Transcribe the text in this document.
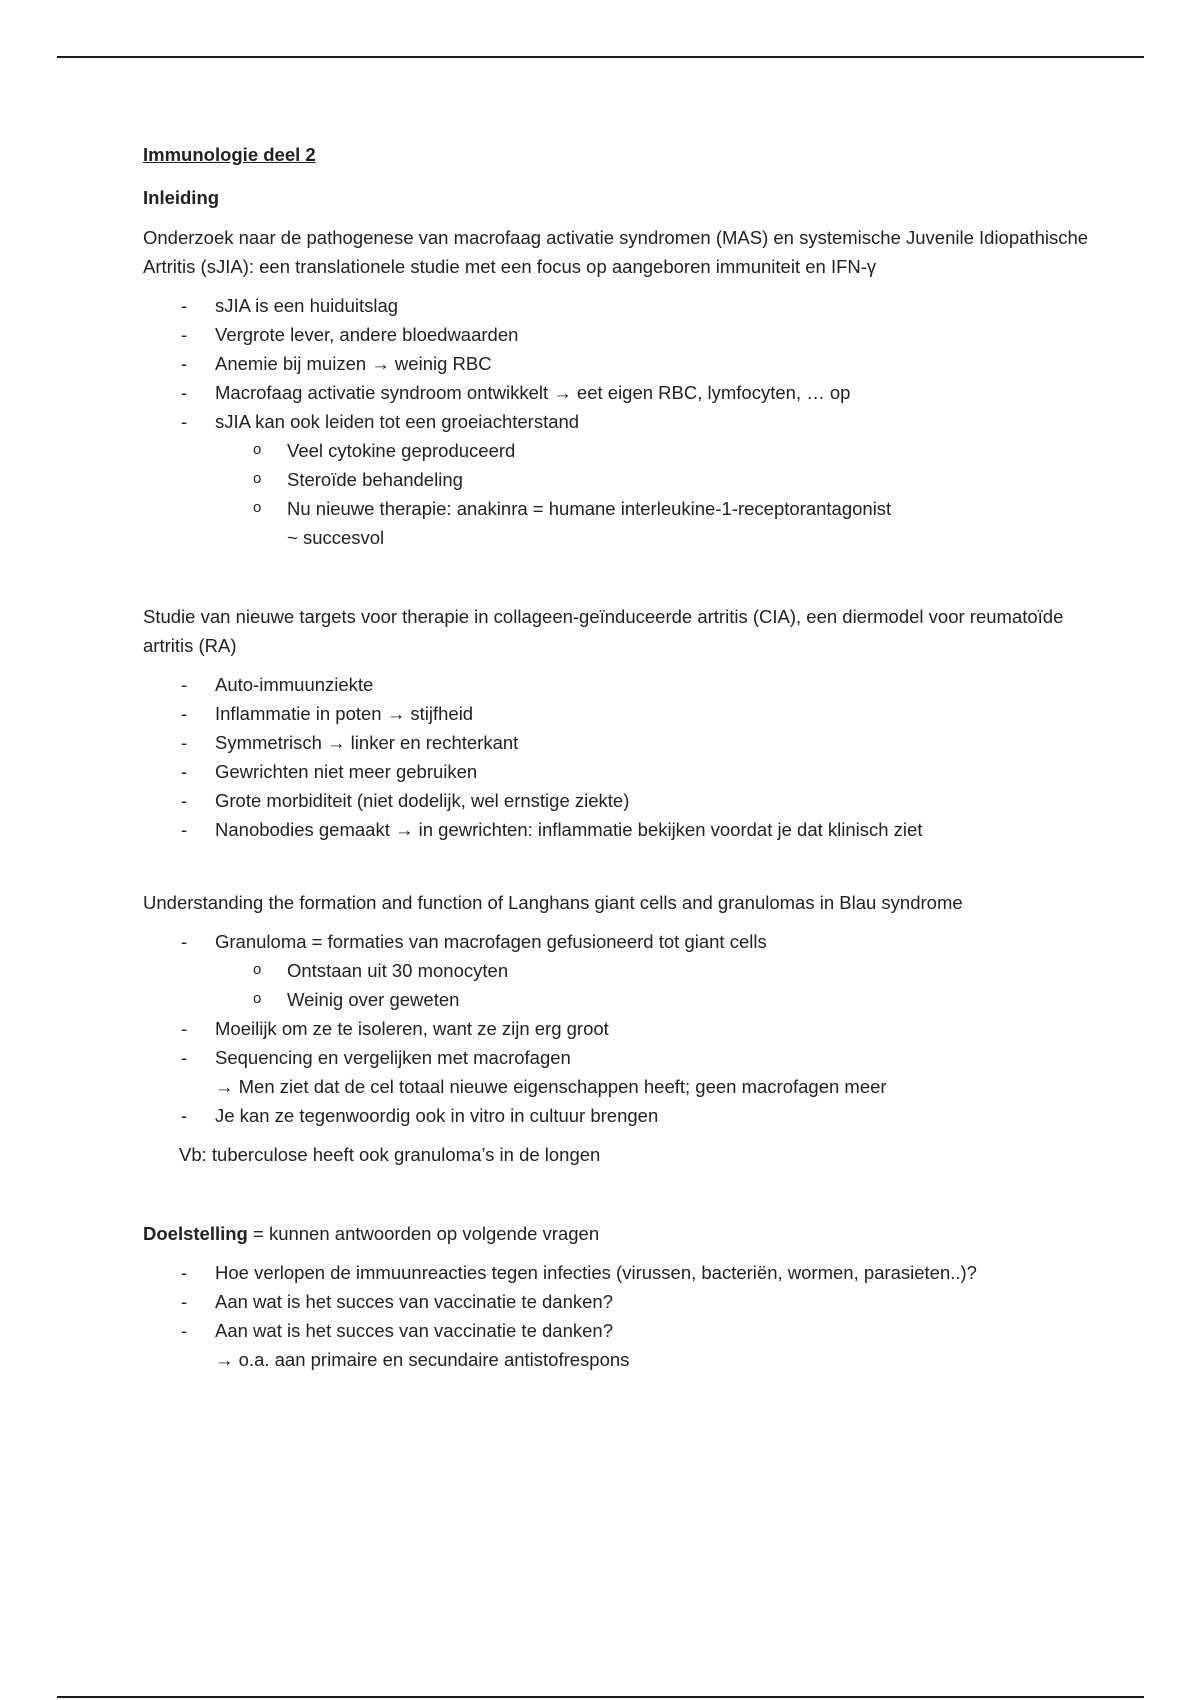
Immunologie deel 2

Inleiding

Onderzoek naar de pathogenese van macrofaag activatie syndromen (MAS) en systemische Juvenile Idiopathische Artritis (sJIA): een translationele studie met een focus op aangeboren immuniteit en IFN-γ

- sJIA is een huiduitslag
- Vergrote lever, andere bloedwaarden
- Anemie bij muizen → weinig RBC
- Macrofaag activatie syndroom ontwikkelt → eet eigen RBC, lymfocyten, … op
- sJIA kan ook leiden tot een groeiachterstand
o Veel cytokine geproduceerd
o Steroïde behandeling
o Nu nieuwe therapie: anakinra = humane interleukine-1-receptorantagonist
~ succesvol

Studie van nieuwe targets voor therapie in collageen-geïnduceerde artritis (CIA), een diermodel voor reumatoïde artritis (RA)

- Auto-immuunziekte
- Inflammatie in poten → stijfheid
- Symmetrisch → linker en rechterkant
- Gewrichten niet meer gebruiken
- Grote morbiditeit (niet dodelijk, wel ernstige ziekte)
- Nanobodies gemaakt → in gewrichten: inflammatie bekijken voordat je dat klinisch ziet

Understanding the formation and function of Langhans giant cells and granulomas in Blau syndrome

- Granuloma = formaties van macrofagen gefusioneerd tot giant cells
o Ontstaan uit 30 monocyten
o Weinig over geweten
- Moeilijk om ze te isoleren, want ze zijn erg groot
- Sequencing en vergelijken met macrofagen
→ Men ziet dat de cel totaal nieuwe eigenschappen heeft; geen macrofagen meer
- Je kan ze tegenwoordig ook in vitro in cultuur brengen

Vb: tuberculose heeft ook granuloma’s in de longen

Doelstelling = kunnen antwoorden op volgende vragen

- Hoe verlopen de immuunreacties tegen infecties (virussen, bacteriën, wormen, parasieten..)?
- Aan wat is het succes van vaccinatie te danken?
- Aan wat is het succes van vaccinatie te danken?
→ o.a. aan primaire en secundaire antistofrespons
